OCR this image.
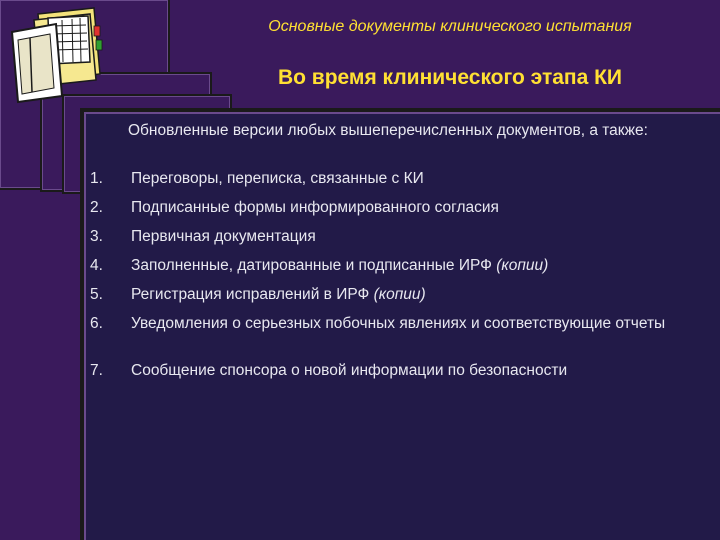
Основные документы клинического испытания
Во время клинического этапа КИ
Обновленные версии любых вышеперечисленных документов, а также:
1. Переговоры, переписка, связанные с КИ
2. Подписанные формы информированного согласия
3. Первичная документация
4. Заполненные, датированные и подписанные ИРФ (копии)
5. Регистрация исправлений в ИРФ (копии)
6. Уведомления о серьезных побочных явлениях и соответствующие отчеты
7. Сообщение спонсора о новой информации по безопасности
